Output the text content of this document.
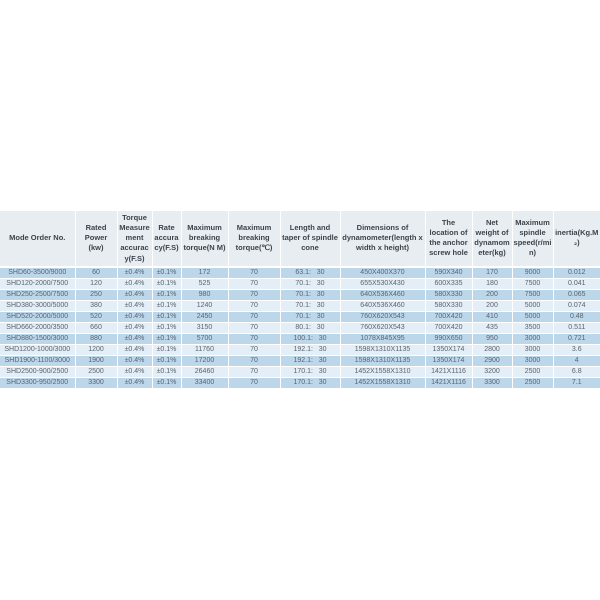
Mode Order No.	Rated Power (kw)	Torque Measurement accuracy(F.S)	Rate accuracy(F.S)	Maximum breaking torque(N M)	Maximum breaking torque(℃)	Length and taper of spindle cone	Dimensions of dynamometer(length x width x height)	The location of the anchor screw hole	Net weight of dynamometer(kg)	Maximum spindle speed(r/min)	inertia(Kg.M₂)
SHD60-3500/9000	60	±0.4%	±0.1%	172	70	63.1:   30	450X400X370	590X340	170	9000	0.012
SHD120-2000/7500	120	±0.4%	±0.1%	525	70	70.1:   30	655X530X430	600X335	180	7500	0.041
SHD250-2500/7500	250	±0.4%	±0.1%	980	70	70.1:   30	640X536X460	580X330	200	7500	0.065
SHD380-3000/5000	380	±0.4%	±0.1%	1240	70	70.1:   30	640X536X460	580X330	200	5000	0.074
SHD520-2000/5000	520	±0.4%	±0.1%	2450	70	70.1:   30	760X620X543	700X420	410	5000	0.48
SHD660-2000/3500	660	±0.4%	±0.1%	3150	70	80.1:   30	760X620X543	700X420	435	3500	0.511
SHD880-1500/3000	880	±0.4%	±0.1%	5700	70	100.1:   30	1078X845X95	990X650	950	3000	0.721
SHD1200-1000/3000	1200	±0.4%	±0.1%	11760	70	192.1:   30	1598X1310X1135	1350X174	2800	3000	3.6
SHD1900-1100/3000	1900	±0.4%	±0.1%	17200	70	192.1:   30	1598X1310X1135	1350X174	2900	3000	4
SHD2500-900/2500	2500	±0.4%	±0.1%	26460	70	170.1:   30	1452X1558X1310	1421X1116	3200	2500	6.8
SHD3300-950/2500	3300	±0.4%	±0.1%	33400	70	170.1:   30	1452X1558X1310	1421X1116	3300	2500	7.1
